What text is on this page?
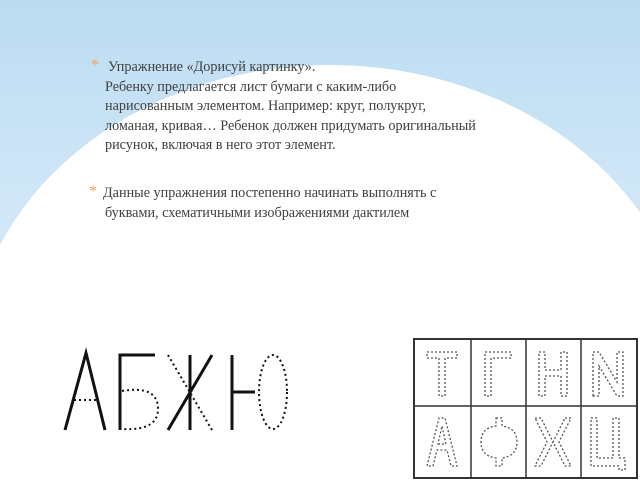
* Упражнение «Дорисуй картинку».
Ребенку предлагается лист бумаги с каким-либо
нарисованным элементом. Например: круг, полукруг,
ломаная, кривая… Ребенок должен придумать оригинальный
рисунок, включая в него этот элемент.
* Данные упражнения постепенно начинать выполнять с
буквами, схематичными изображениями дактилем
